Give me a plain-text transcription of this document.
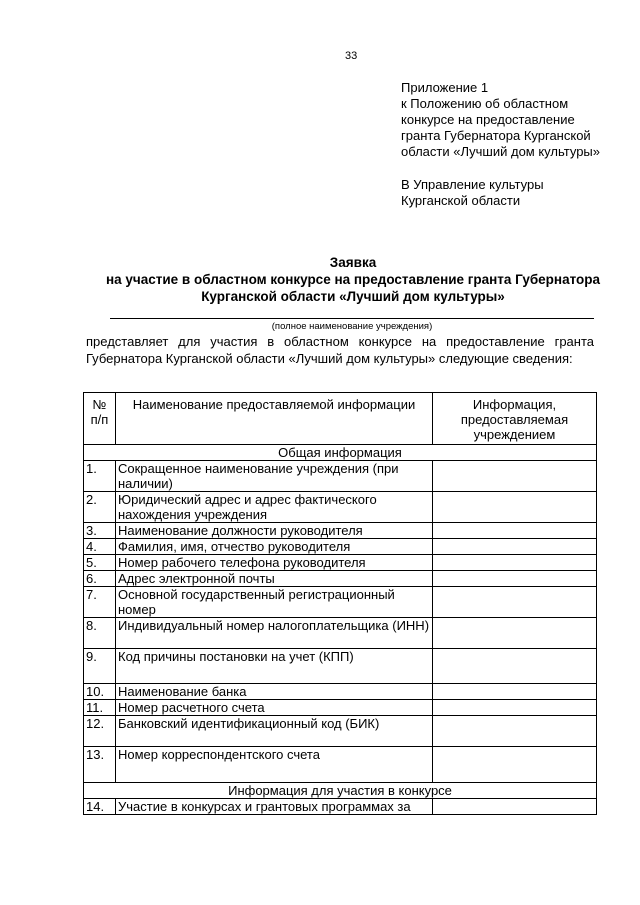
33
Приложение 1
к Положению об областном
конкурсе на предоставление
гранта Губернатора Курганской
области «Лучший дом культуры»
В Управление культуры
Курганской области
Заявка
на участие в областном конкурсе на предоставление гранта Губернатора
Курганской области «Лучший дом культуры»
(полное наименование учреждения)
представляет для участия в областном конкурсе на предоставление гранта
Губернатора Курганской области «Лучший дом культуры» следующие сведения:
№ п/п	Наименование предоставляемой информации	Информация, предоставляемая учреждением
Общая информация		
1.	Сокращенное наименование учреждения (при наличии)	
2.	Юридический адрес и адрес фактического нахождения учреждения	
3.	Наименование должности руководителя	
4.	Фамилия, имя, отчество руководителя	
5.	Номер рабочего телефона руководителя	
6.	Адрес электронной почты	
7.	Основной государственный регистрационный номер	
8.	Индивидуальный номер налогоплательщика (ИНН)	
9.	Код причины постановки на учет (КПП)	
10.	Наименование банка	
11.	Номер расчетного счета	
12.	Банковский идентификационный код (БИК)	
13.	Номер корреспондентского счета	
Информация для участия в конкурсе		
14.	Участие в конкурсах и грантовых программах за	
